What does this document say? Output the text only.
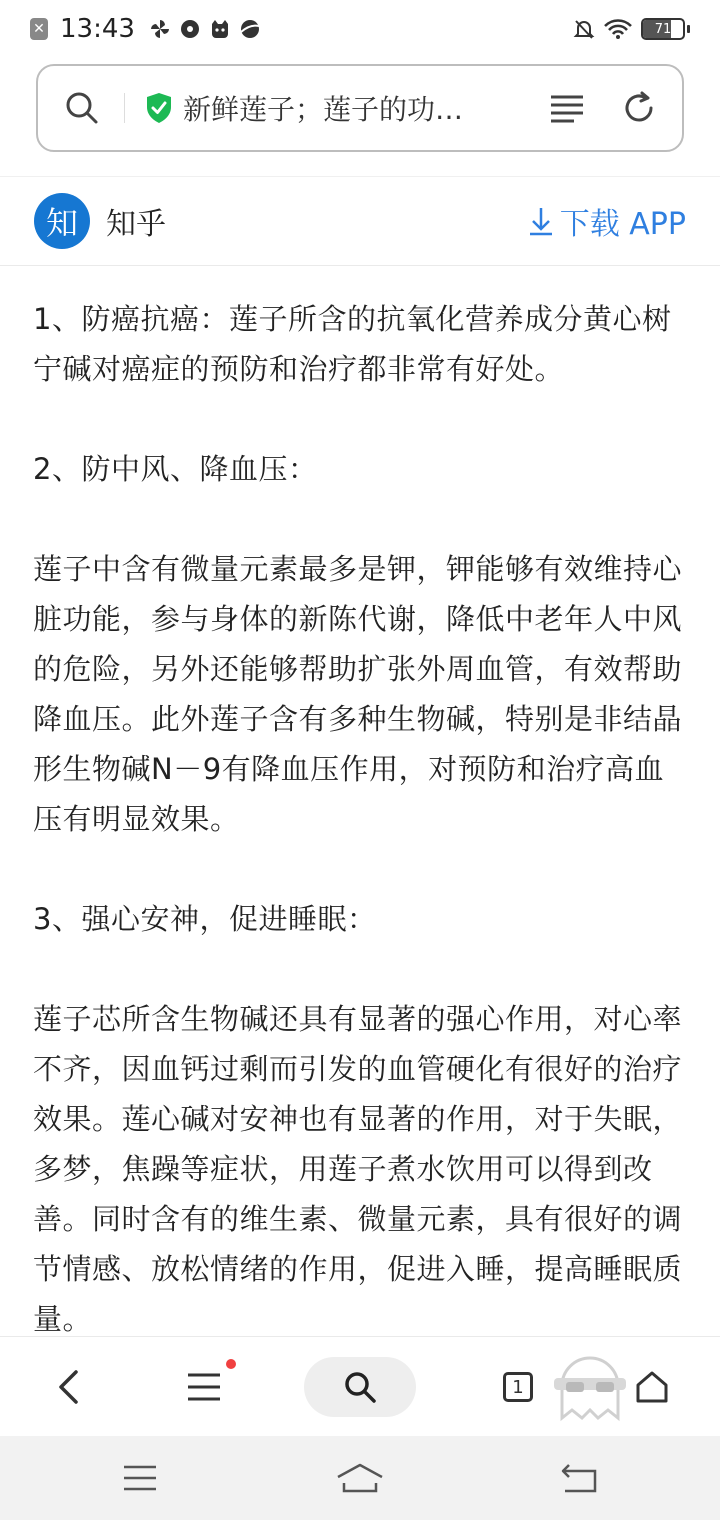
✕ 13:43	71
新鲜莲子；莲子的功…
知 知乎	下载 APP

1、防癌抗癌：莲子所含的抗氧化营养成分黄心树宁碱对癌症的预防和治疗都非常有好处。

2、防中风、降血压：

莲子中含有微量元素最多是钾，钾能够有效维持心脏功能，参与身体的新陈代谢，降低中老年人中风的危险，另外还能够帮助扩张外周血管，有效帮助降血压。此外莲子含有多种生物碱，特别是非结晶形生物碱N－9有降血压作用，对预防和治疗高血压有明显效果。

3、强心安神，促进睡眠：

莲子芯所含生物碱还具有显著的强心作用，对心率不齐，因血钙过剩而引发的血管硬化有很好的治疗效果。莲心碱对安神也有显著的作用，对于失眠，多梦，焦躁等症状，用莲子煮水饮用可以得到改善。同时含有的维生素、微量元素，具有很好的调节情感、放松情绪的作用，促进入睡，提高睡眠质量。

1
